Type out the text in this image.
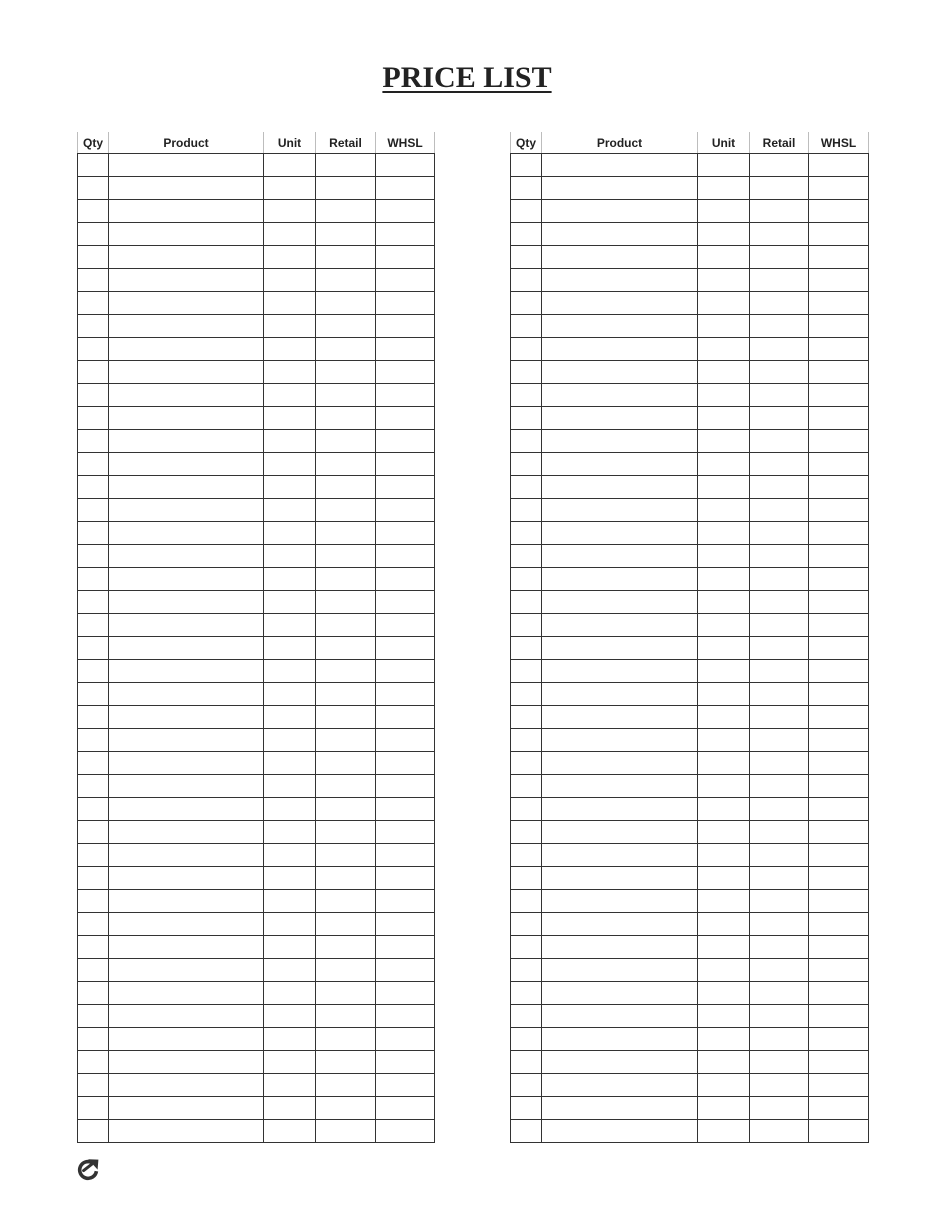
PRICE LIST
Qty	Product	Unit	Retail	WHSL

					Qty	Product	Unit	Retail	WHSL
